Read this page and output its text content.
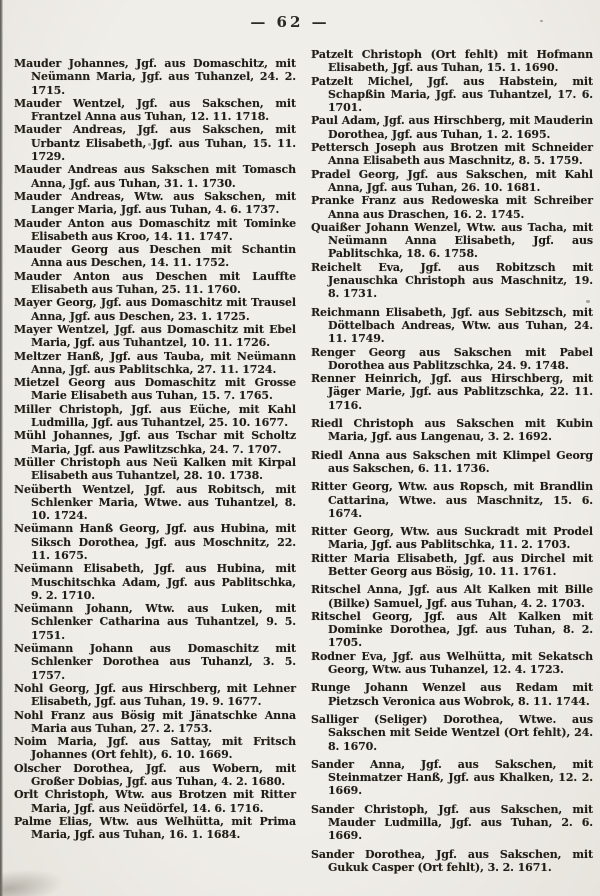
— 62 —

Mauder Johannes, Jgf. aus Domaschitz, mit Neümann Maria, Jgf. aus Tuhanzel, 24. 2. 1715.

Mauder Wentzel, Jgf. aus Sakschen, mit Frantzel Anna aus Tuhan, 12. 11. 1718.

Mauder Andreas, Jgf. aus Sakschen, mit Urbantz Elisabeth, Jgf. aus Tuhan, 15. 11. 1729.

Mauder Andreas aus Sakschen mit Tomasch Anna, Jgf. aus Tuhan, 31. 1. 1730.

Mauder Andreas, Wtw. aus Sakschen, mit Langer Maria, Jgf. aus Tuhan, 4. 6. 1737.

Mauder Anton aus Domaschitz mit Tominke Elisabeth aus Kroo, 14. 11. 1747.

Mauder Georg aus Deschen mit Schantin Anna aus Deschen, 14. 11. 1752.

Mauder Anton aus Deschen mit Lauffte Elisabeth aus Tuhan, 25. 11. 1760.

Mayer Georg, Jgf. aus Domaschitz mit Trausel Anna, Jgf. aus Deschen, 23. 1. 1725.

Mayer Wentzel, Jgf. aus Domaschitz mit Ebel Maria, Jgf. aus Tuhantzel, 10. 11. 1726.

Meltzer Hanß, Jgf. aus Tauba, mit Neümann Anna, Jgf. aus Pablitschka, 27. 11. 1724.

Mietzel Georg aus Domaschitz mit Grosse Marie Elisabeth aus Tuhan, 15. 7. 1765.

Miller Christoph, Jgf. aus Eüche, mit Kahl Ludmilla, Jgf. aus Tuhantzel, 25. 10. 1677.

Mühl Johannes, Jgf. aus Tschar mit Scholtz Maria, Jgf. aus Pawlitzschka, 24. 7. 1707.

Müller Christoph aus Neü Kalken mit Kirpal Elisabeth aus Tuhantzel, 28. 10. 1738.

Neüberth Wentzel, Jgf. aus Robitsch, mit Schlenker Maria, Wtwe. aus Tuhantzel, 8. 10. 1724.

Neümann Hanß Georg, Jgf. aus Hubina, mit Siksch Dorothea, Jgf. aus Moschnitz, 22. 11. 1675.

Neümann Elisabeth, Jgf. aus Hubina, mit Muschitschka Adam, Jgf. aus Pablitschka, 9. 2. 1710.

Neümann Johann, Wtw. aus Luken, mit Schlenker Catharina aus Tuhantzel, 9. 5. 1751.

Neümann Johann aus Domaschitz mit Schlenker Dorothea aus Tuhanzl, 3. 5. 1757.

Nohl Georg, Jgf. aus Hirschberg, mit Lehner Elisabeth, Jgf. aus Tuhan, 19. 9. 1677.

Nohl Franz aus Bösig mit Jänatschke Anna Maria aus Tuhan, 27. 2. 1753.

Noim Maria, Jgf. aus Sattay, mit Fritsch Johannes (Ort fehlt), 6. 10. 1669.

Olscher Dorothea, Jgf. aus Wobern, mit Großer Dobias, Jgf. aus Tuhan, 4. 2. 1680.

Orlt Christoph, Wtw. aus Brotzen mit Ritter Maria, Jgf. aus Neüdörfel, 14. 6. 1716.

Palme Elias, Wtw. aus Welhütta, mit Prima Maria, Jgf. aus Tuhan, 16. 1. 1684.

Patzelt Christoph (Ort fehlt) mit Hofmann Elisabeth, Jgf. aus Tuhan, 15. 1. 1690.

Patzelt Michel, Jgf. aus Habstein, mit Schapßin Maria, Jgf. aus Tuhantzel, 17. 6. 1701.

Paul Adam, Jgf. aus Hirschberg, mit Mauderin Dorothea, Jgf. aus Tuhan, 1. 2. 1695.

Pettersch Joseph aus Brotzen mit Schneider Anna Elisabeth aus Maschnitz, 8. 5. 1759.

Pradel Georg, Jgf. aus Sakschen, mit Kahl Anna, Jgf. aus Tuhan, 26. 10. 1681.

Pranke Franz aus Redoweska mit Schreiber Anna aus Draschen, 16. 2. 1745.

Quaißer Johann Wenzel, Wtw. aus Tacha, mit Neümann Anna Elisabeth, Jgf. aus Pablitschka, 18. 6. 1758.

Reichelt Eva, Jgf. aus Robitzsch mit Jenauschka Christoph aus Maschnitz, 19. 8. 1731.

Reichmann Elisabeth, Jgf. aus Sebitzsch, mit Döttelbach Andreas, Wtw. aus Tuhan, 24. 11. 1749.

Renger Georg aus Sakschen mit Pabel Dorothea aus Pablitzschka, 24. 9. 1748.

Renner Heinrich, Jgf. aus Hirschberg, mit Jäger Marie, Jgf. aus Pablitzschka, 22. 11. 1716.

Riedl Christoph aus Sakschen mit Kubin Maria, Jgf. aus Langenau, 3. 2. 1692.

Riedl Anna aus Sakschen mit Klimpel Georg aus Sakschen, 6. 11. 1736.

Ritter Georg, Wtw. aus Ropsch, mit Brandlin Cattarina, Wtwe. aus Maschnitz, 15. 6. 1674.

Ritter Georg, Wtw. aus Suckradt mit Prodel Maria, Jgf. aus Pablitschka, 11. 2. 1703.

Ritter Maria Elisabeth, Jgf. aus Dirchel mit Better Georg aus Bösig, 10. 11. 1761.

Ritschel Anna, Jgf. aus Alt Kalken mit Bille (Bilke) Samuel, Jgf. aus Tuhan, 4. 2. 1703.

Ritschel Georg, Jgf. aus Alt Kalken mit Dominke Dorothea, Jgf. aus Tuhan, 8. 2. 1705.

Rodner Eva, Jgf. aus Welhütta, mit Sekatsch Georg, Wtw. aus Tuhanzel, 12. 4. 1723.

Runge Johann Wenzel aus Redam mit Pietzsch Veronica aus Wobrok, 8. 11. 1744.

Salliger (Seliger) Dorothea, Wtwe. aus Sakschen mit Seide Wentzel (Ort fehlt), 24. 8. 1670.

Sander Anna, Jgf. aus Sakschen, mit Steinmatzer Hanß, Jgf. aus Khalken, 12. 2. 1669.

Sander Christoph, Jgf. aus Sakschen, mit Mauder Ludmilla, Jgf. aus Tuhan, 2. 6. 1669.

Sander Dorothea, Jgf. aus Sakschen, mit Gukuk Casper (Ort fehlt), 3. 2. 1671.
